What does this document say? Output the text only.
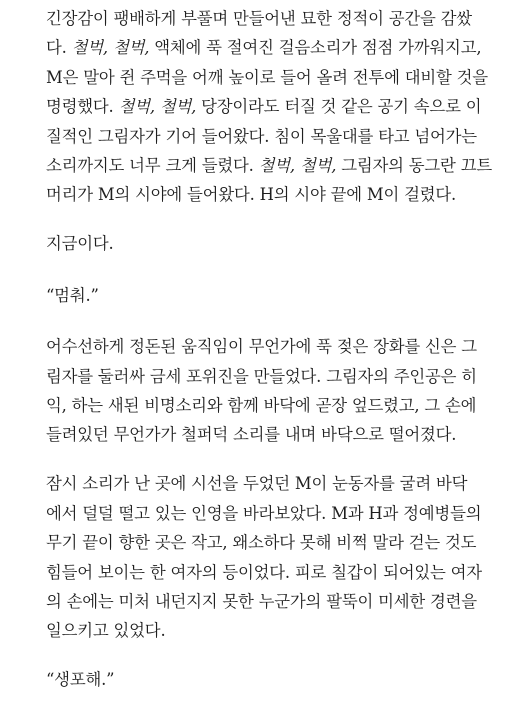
긴장감이 팽배하게 부풀며 만들어낸 묘한 정적이 공간을 감쌌
다. 철벅, 철벅, 액체에 푹 절여진 걸음소리가 점점 가까워지고,
M은 말아 쥔 주먹을 어깨 높이로 들어 올려 전투에 대비할 것을
명령했다. 철벅, 철벅, 당장이라도 터질 것 같은 공기 속으로 이
질적인 그림자가 기어 들어왔다. 침이 목울대를 타고 넘어가는
소리까지도 너무 크게 들렸다. 철벅, 철벅, 그림자의 동그란 끄트
머리가 M의 시야에 들어왔다. H의 시야 끝에 M이 걸렸다.
지금이다.
“멈춰.”
어수선하게 정돈된 움직임이 무언가에 푹 젖은 장화를 신은 그
림자를 둘러싸 금세 포위진을 만들었다. 그림자의 주인공은 히
익, 하는 새된 비명소리와 함께 바닥에 곧장 엎드렸고, 그 손에
들려있던 무언가가 철퍼덕 소리를 내며 바닥으로 떨어졌다.
잠시 소리가 난 곳에 시선을 두었던 M이 눈동자를 굴려 바닥
에서 덜덜 떨고 있는 인영을 바라보았다. M과 H과 정예병들의
무기 끝이 향한 곳은 작고, 왜소하다 못해 비쩍 말라 걷는 것도
힘들어 보이는 한 여자의 등이었다. 피로 칠갑이 되어있는 여자
의 손에는 미처 내던지지 못한 누군가의 팔뚝이 미세한 경련을
일으키고 있었다.
“생포해.”
